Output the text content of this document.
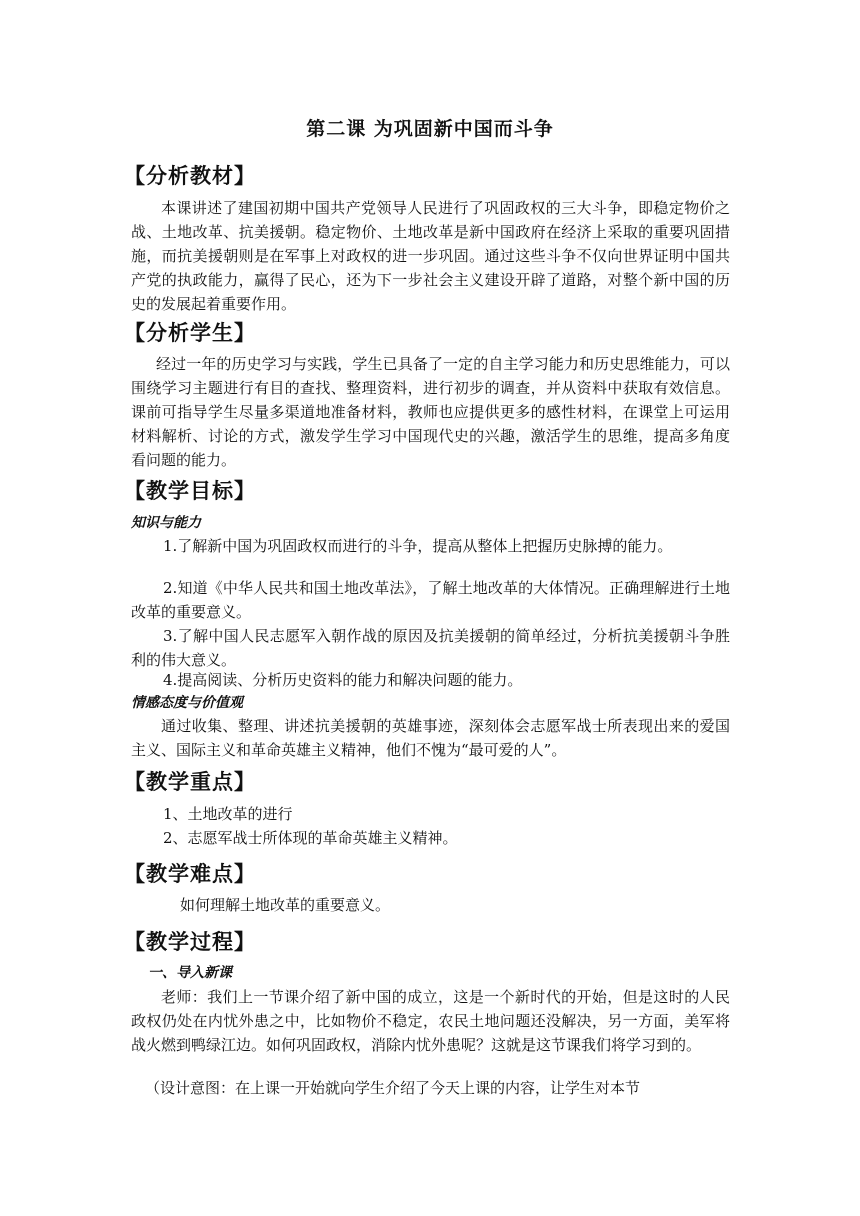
第二课 为巩固新中国而斗争
【分析教材】
本课讲述了建国初期中国共产党领导人民进行了巩固政权的三大斗争，即稳定物价之战、土地改革、抗美援朝。稳定物价、土地改革是新中国政府在经济上采取的重要巩固措施，而抗美援朝则是在军事上对政权的进一步巩固。通过这些斗争不仅向世界证明中国共产党的执政能力，赢得了民心，还为下一步社会主义建设开辟了道路，对整个新中国的历史的发展起着重要作用。
【分析学生】
经过一年的历史学习与实践，学生已具备了一定的自主学习能力和历史思维能力，可以围绕学习主题进行有目的查找、整理资料，进行初步的调查，并从资料中获取有效信息。课前可指导学生尽量多渠道地准备材料，教师也应提供更多的感性材料，在课堂上可运用材料解析、讨论的方式，激发学生学习中国现代史的兴趣，激活学生的思维，提高多角度看问题的能力。
【教学目标】
知识与能力
1.了解新中国为巩固政权而进行的斗争，提高从整体上把握历史脉搏的能力。
2.知道《中华人民共和国土地改革法》，了解土地改革的大体情况。正确理解进行土地改革的重要意义。
3.了解中国人民志愿军入朝作战的原因及抗美援朝的简单经过，分析抗美援朝斗争胜利的伟大意义。
4.提高阅读、分析历史资料的能力和解决问题的能力。
情感态度与价值观
通过收集、整理、讲述抗美援朝的英雄事迹，深刻体会志愿军战士所表现出来的爱国主义、国际主义和革命英雄主义精神，他们不愧为“最可爱的人”。
【教学重点】
1、土地改革的进行
2、志愿军战士所体现的革命英雄主义精神。
【教学难点】
如何理解土地改革的重要意义。
【教学过程】
一、导入新课
老师：我们上一节课介绍了新中国的成立，这是一个新时代的开始，但是这时的人民政权仍处在内忧外患之中，比如物价不稳定，农民土地问题还没解决，另一方面，美军将战火燃到鸭绿江边。如何巩固政权，消除内忧外患呢？这就是这节课我们将学习到的。
（设计意图：在上课一开始就向学生介绍了今天上课的内容，让学生对本节
